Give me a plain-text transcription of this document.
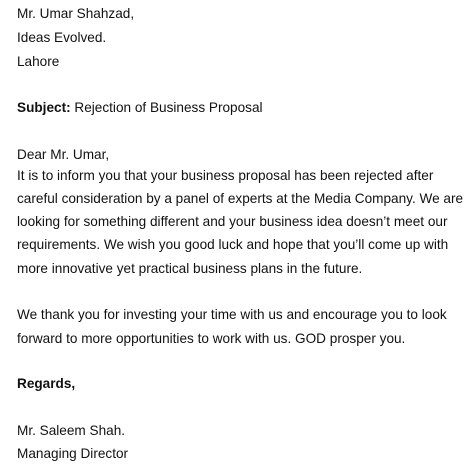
Mr. Umar Shahzad,
Ideas Evolved.
Lahore
Subject: Rejection of Business Proposal
Dear Mr. Umar,
It is to inform you that your business proposal has been rejected after
careful consideration by a panel of experts at the Media Company. We are
looking for something different and your business idea doesn’t meet our
requirements. We wish you good luck and hope that you’ll come up with
more innovative yet practical business plans in the future.
We thank you for investing your time with us and encourage you to look
forward to more opportunities to work with us. GOD prosper you.
Regards,
Mr. Saleem Shah.
Managing Director
